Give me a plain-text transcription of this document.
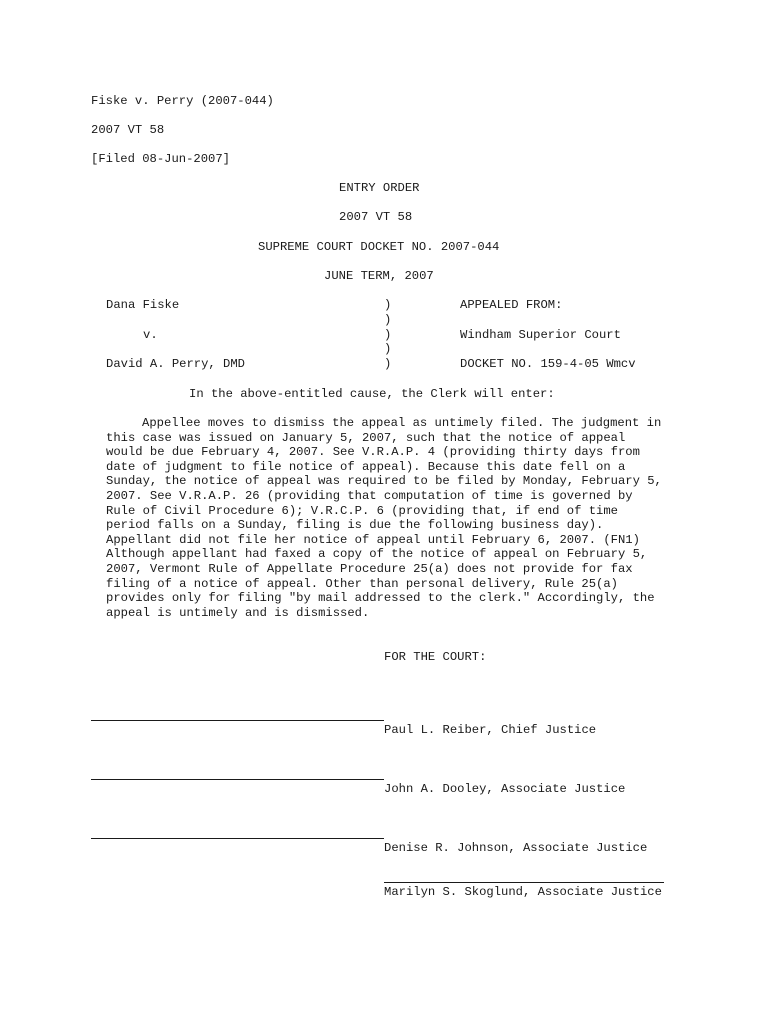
Fiske v. Perry (2007-044)
2007 VT 58
[Filed 08-Jun-2007]
ENTRY ORDER
2007 VT 58
SUPREME COURT DOCKET NO. 2007-044
JUNE TERM, 2007
Dana Fiske
v.
David A. Perry, DMD
)
)
)
)
)
APPEALED FROM:
Windham Superior Court
DOCKET NO. 159-4-05 Wmcv
In the above-entitled cause, the Clerk will enter:
Appellee moves to dismiss the appeal as untimely filed. The judgment in this case was issued on January 5, 2007, such that the notice of appeal would be due February 4, 2007. See V.R.A.P. 4 (providing thirty days from date of judgment to file notice of appeal). Because this date fell on a Sunday, the notice of appeal was required to be filed by Monday, February 5, 2007. See V.R.A.P. 26 (providing that computation of time is governed by Rule of Civil Procedure 6); V.R.C.P. 6 (providing that, if end of time period falls on a Sunday, filing is due the following business day). Appellant did not file her notice of appeal until February 6, 2007. (FN1) Although appellant had faxed a copy of the notice of appeal on February 5, 2007, Vermont Rule of Appellate Procedure 25(a) does not provide for fax filing of a notice of appeal. Other than personal delivery, Rule 25(a) provides only for filing "by mail addressed to the clerk." Accordingly, the appeal is untimely and is dismissed.
FOR THE COURT:
Paul L. Reiber, Chief Justice
John A. Dooley, Associate Justice
Denise R. Johnson, Associate Justice
Marilyn S. Skoglund, Associate Justice
